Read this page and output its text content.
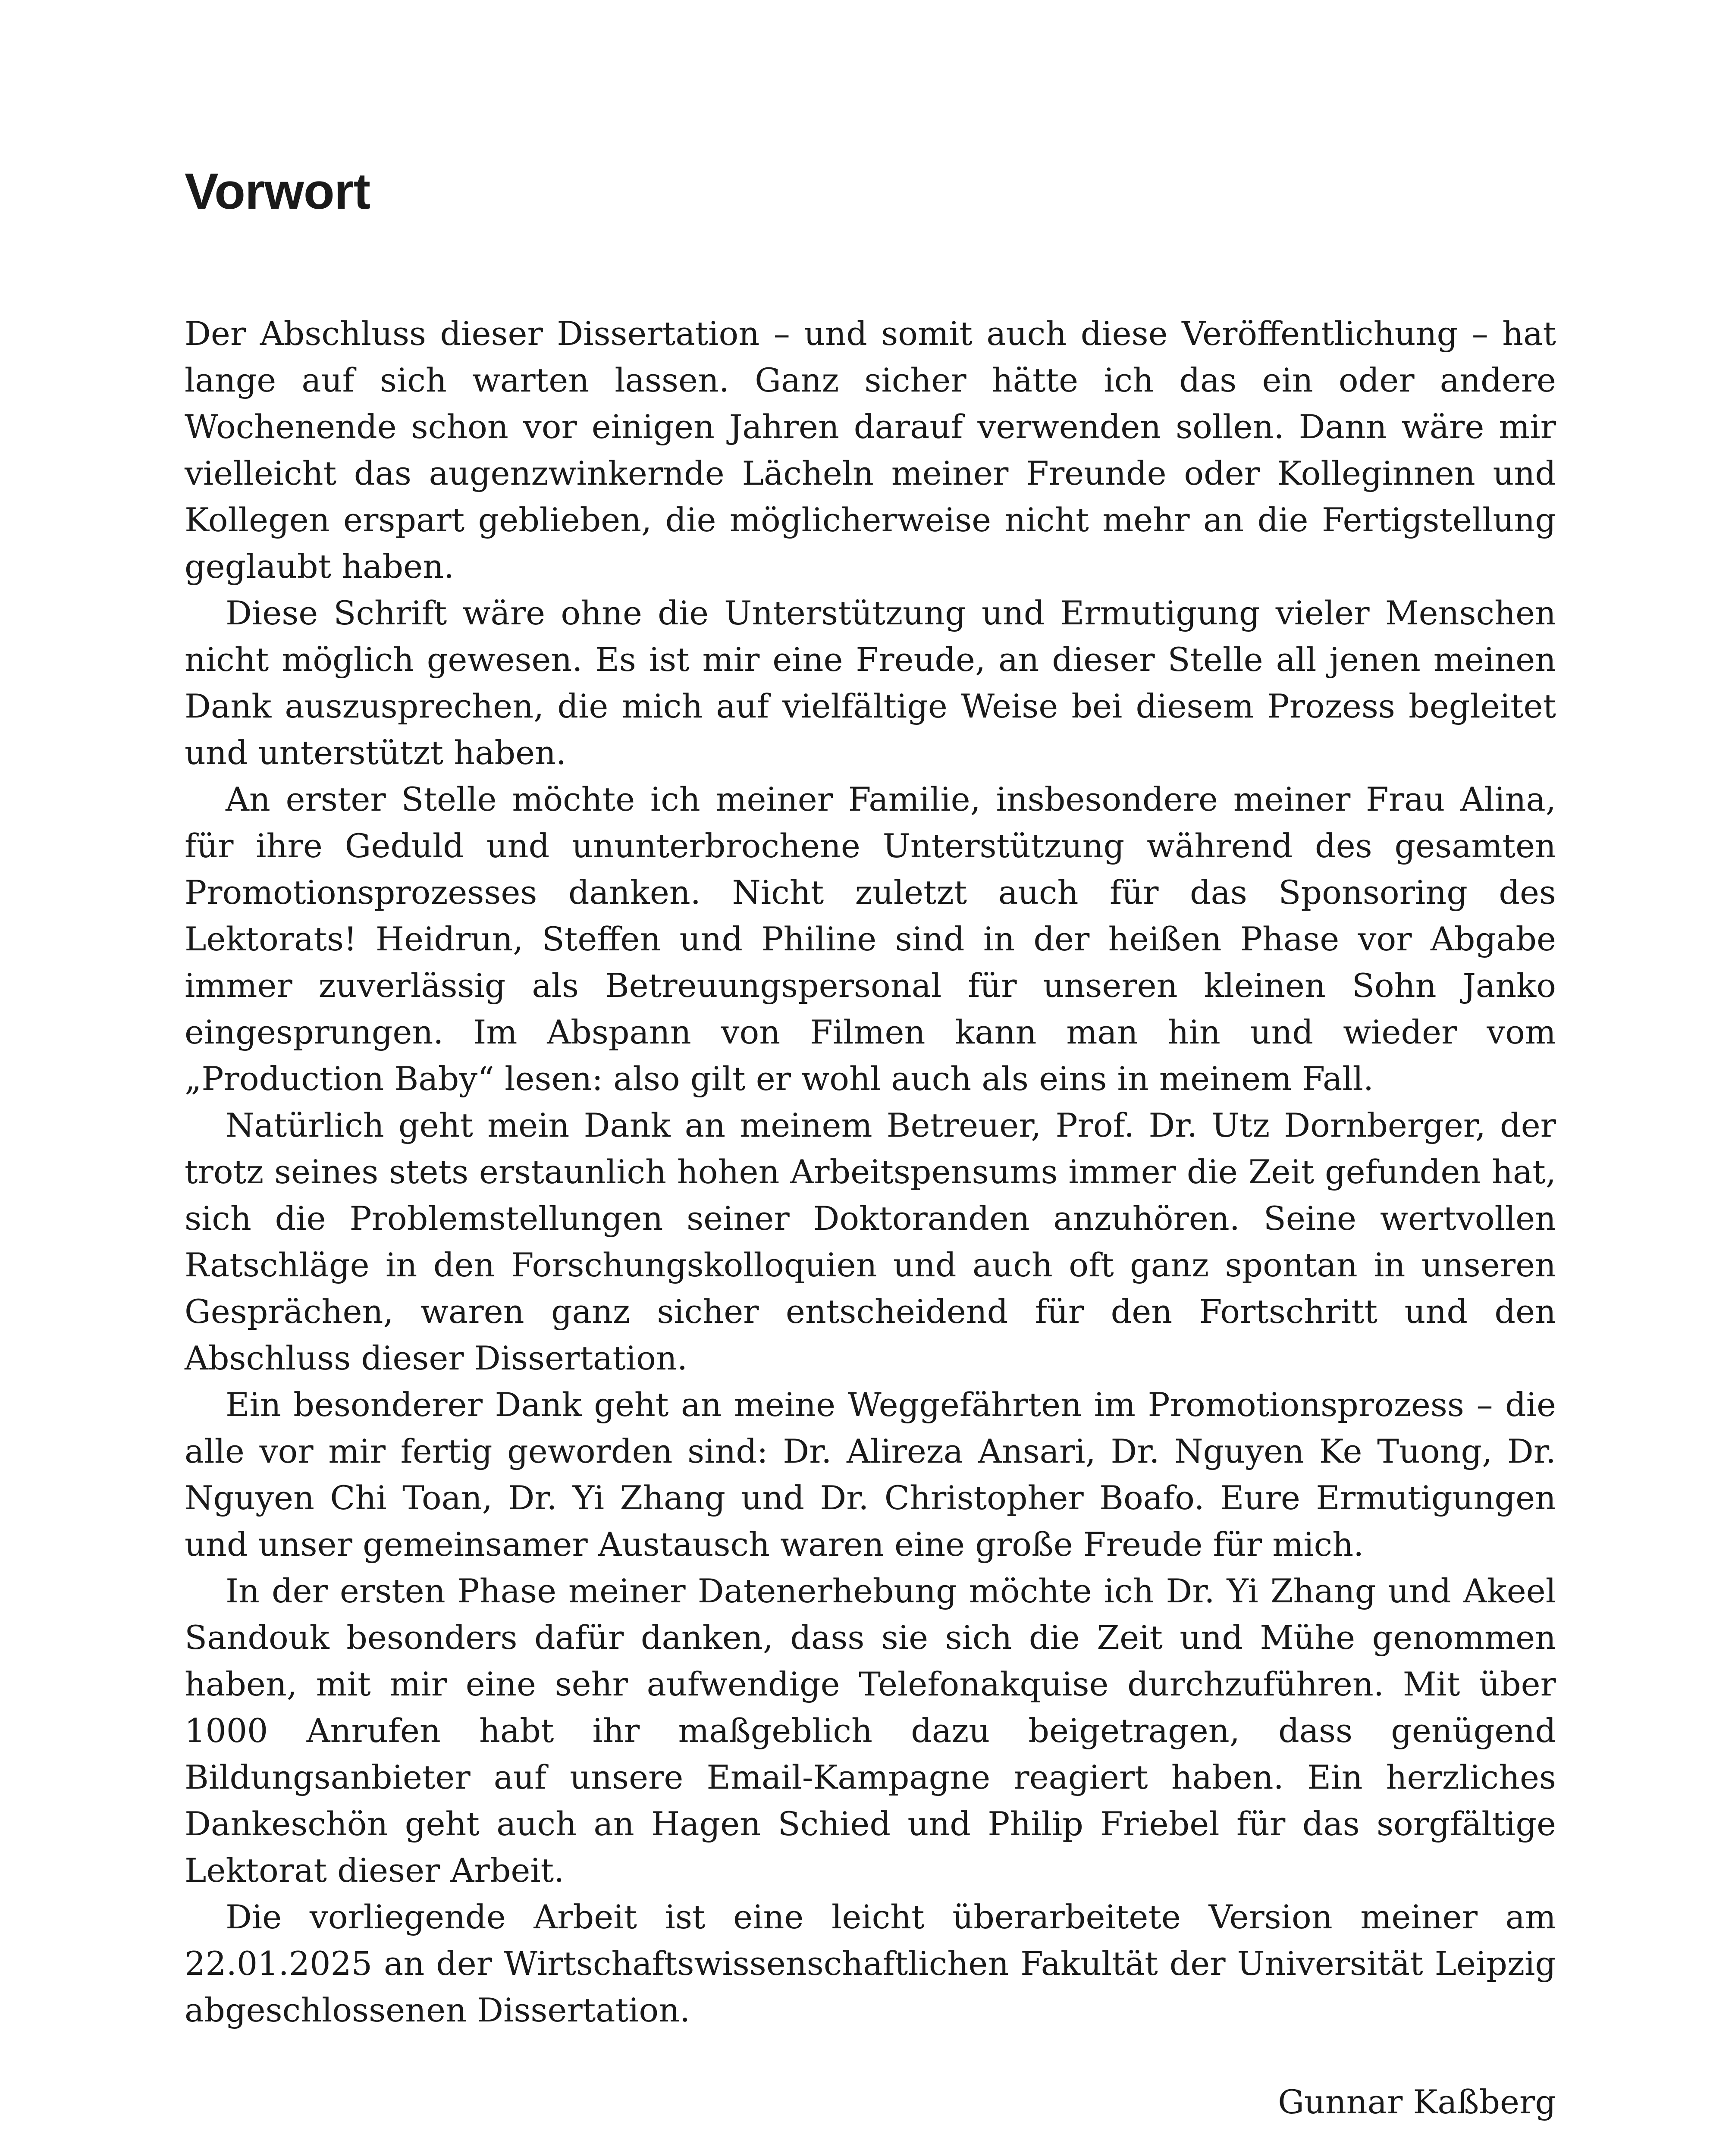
Vorwort

Der Abschluss dieser Dissertation – und somit auch diese Veröffentlichung – hat lange auf sich warten lassen. Ganz sicher hätte ich das ein oder andere Wochenende schon vor einigen Jahren darauf verwenden sollen. Dann wäre mir vielleicht das augenzwinkernde Lächeln meiner Freunde oder Kolleginnen und Kollegen erspart geblieben, die möglicherweise nicht mehr an die Fertigstellung geglaubt haben.

Diese Schrift wäre ohne die Unterstützung und Ermutigung vieler Menschen nicht möglich gewesen. Es ist mir eine Freude, an dieser Stelle all jenen meinen Dank auszusprechen, die mich auf vielfältige Weise bei diesem Prozess begleitet und unterstützt haben.

An erster Stelle möchte ich meiner Familie, insbesondere meiner Frau Alina, für ihre Geduld und ununterbrochene Unterstützung während des gesamten Promotionsprozesses danken. Nicht zuletzt auch für das Sponsoring des Lektorats! Heidrun, Steffen und Philine sind in der heißen Phase vor Abgabe immer zuverlässig als Betreuungspersonal für unseren kleinen Sohn Janko eingesprungen. Im Abspann von Filmen kann man hin und wieder vom „Production Baby“ lesen: also gilt er wohl auch als eins in meinem Fall.

Natürlich geht mein Dank an meinem Betreuer, Prof. Dr. Utz Dornberger, der trotz seines stets erstaunlich hohen Arbeitspensums immer die Zeit gefunden hat, sich die Problemstellungen seiner Doktoranden anzuhören. Seine wertvollen Ratschläge in den Forschungskolloquien und auch oft ganz spontan in unseren Gesprächen, waren ganz sicher entscheidend für den Fortschritt und den Abschluss dieser Dissertation.

Ein besonderer Dank geht an meine Weggefährten im Promotionsprozess – die alle vor mir fertig geworden sind: Dr. Alireza Ansari, Dr. Nguyen Ke Tuong, Dr. Nguyen Chi Toan, Dr. Yi Zhang und Dr. Christopher Boafo. Eure Ermutigungen und unser gemeinsamer Austausch waren eine große Freude für mich.

In der ersten Phase meiner Datenerhebung möchte ich Dr. Yi Zhang und Akeel Sandouk besonders dafür danken, dass sie sich die Zeit und Mühe genommen haben, mit mir eine sehr aufwendige Telefonakquise durchzuführen. Mit über 1000 Anrufen habt ihr maßgeblich dazu beigetragen, dass genügend Bildungsanbieter auf unsere Email-Kampagne reagiert haben. Ein herzliches Dankeschön geht auch an Hagen Schied und Philip Friebel für das sorgfältige Lektorat dieser Arbeit.

Die vorliegende Arbeit ist eine leicht überarbeitete Version meiner am 22.01.2025 an der Wirtschaftswissenschaftlichen Fakultät der Universität Leipzig abgeschlossenen Dissertation.

Gunnar Kaßberg
